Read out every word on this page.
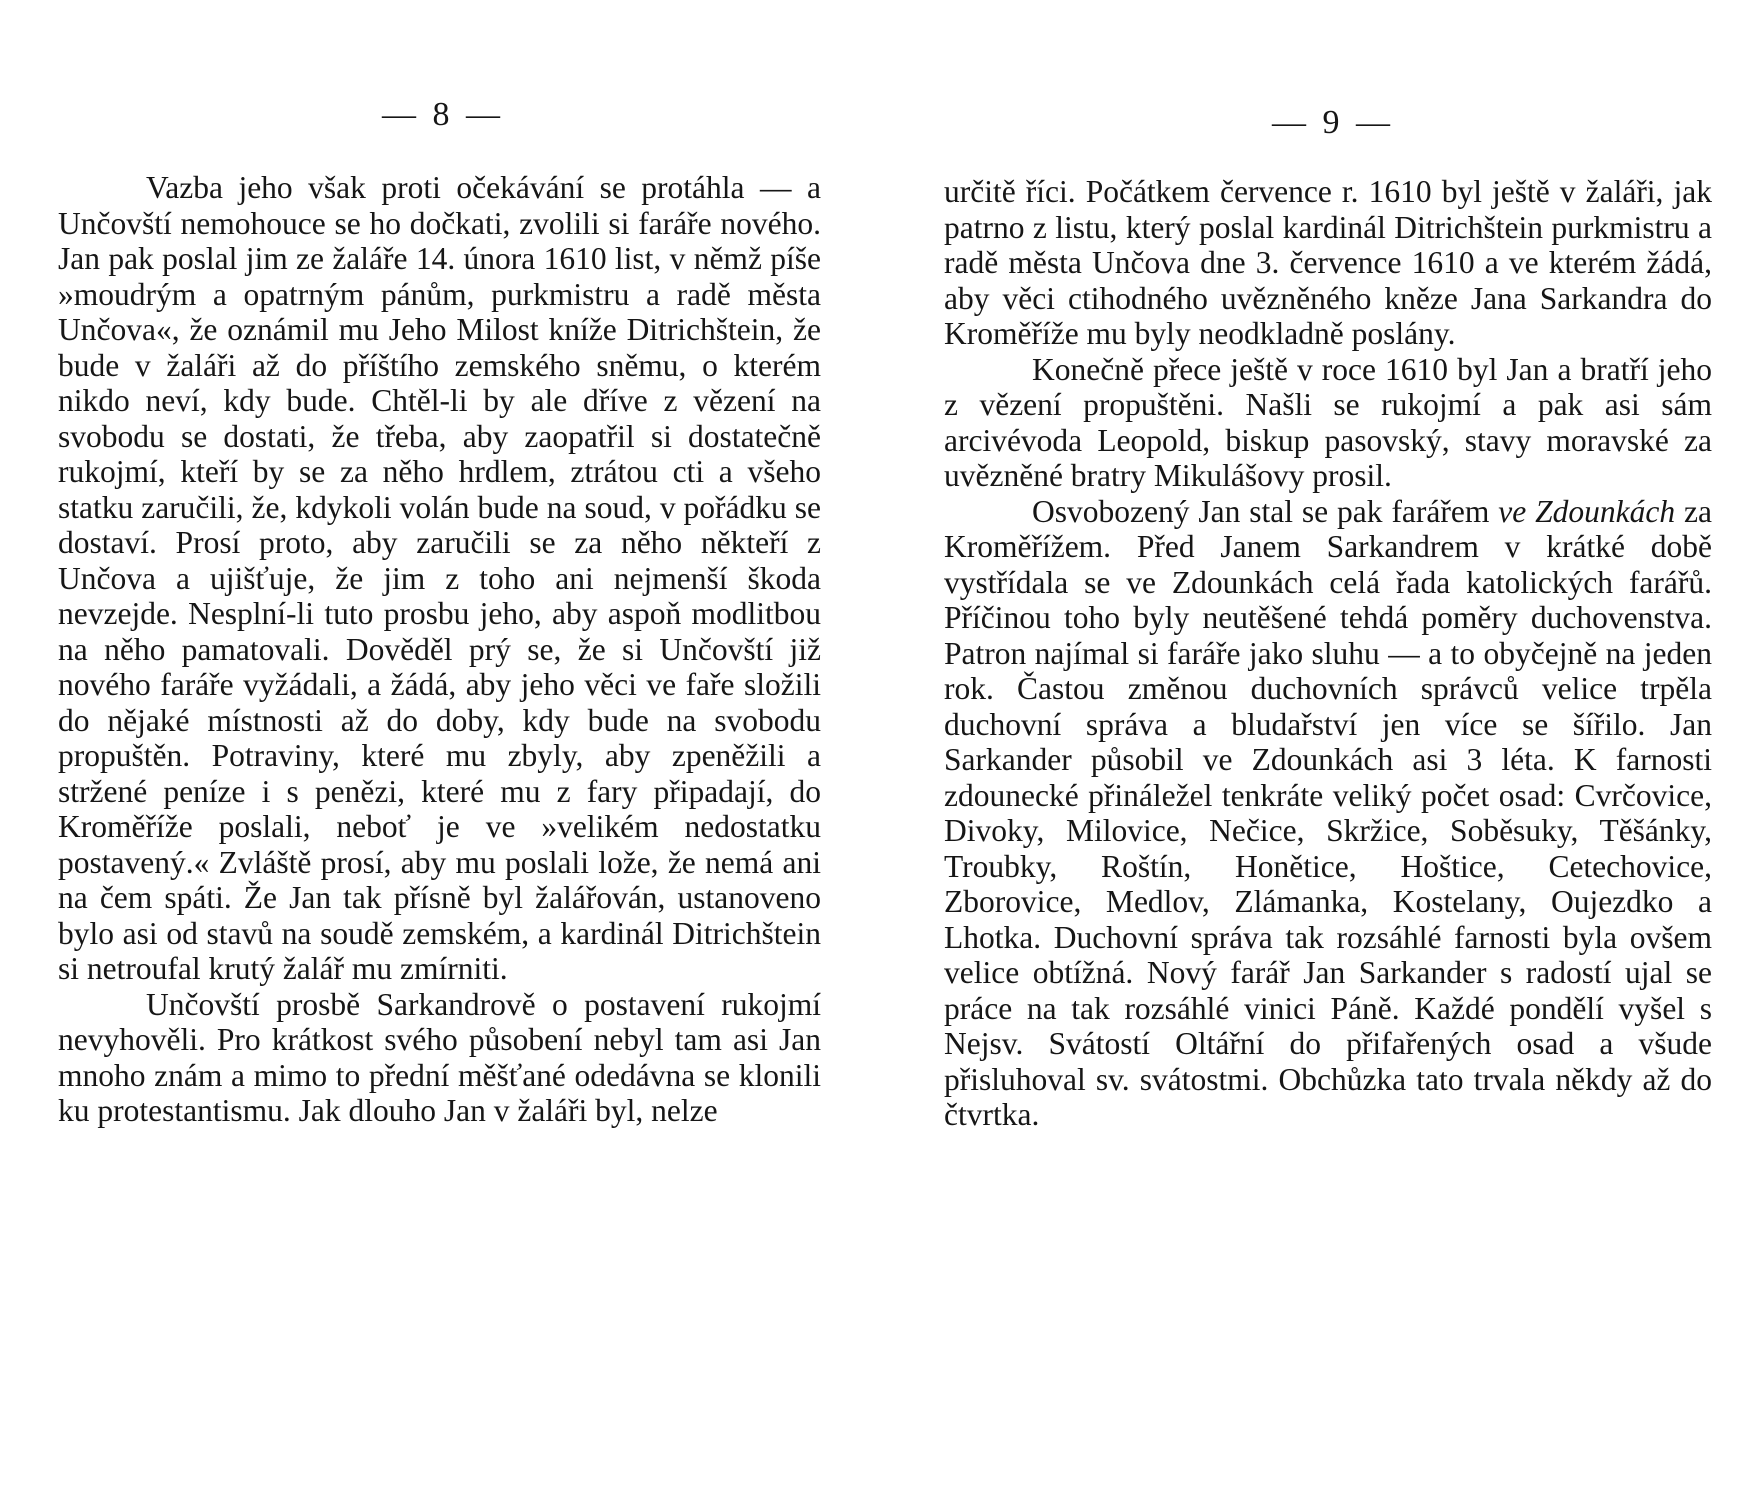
— 8 —

Vazba jeho však proti očekávání se protáhla — a Unčovští nemohouce se ho dočkati, zvolili si faráře nového. Jan pak poslal jim ze žaláře 14. února 1610 list, v němž píše »moudrým a opatrným pánům, purkmistru a radě města Unčova«, že oznámil mu Jeho Milost kníže Ditrichštein, že bude v žaláři až do příštího zemského sněmu, o kterém nikdo neví, kdy bude. Chtěl-li by ale dříve z vězení na svobodu se dostati, že třeba, aby zaopatřil si dostatečně rukojmí, kteří by se za něho hrdlem, ztrátou cti a všeho statku zaručili, že, kdykoli volán bude na soud, v pořádku se dostaví. Prosí proto, aby zaručili se za něho někteří z Unčova a ujišťuje, že jim z toho ani nejmenší škoda nevzejde. Nesplní-li tuto prosbu jeho, aby aspoň modlitbou na něho pamatovali. Dověděl prý se, že si Unčovští již nového faráře vyžádali, a žádá, aby jeho věci ve faře složili do nějaké místnosti až do doby, kdy bude na svobodu propuštěn. Potraviny, které mu zbyly, aby zpeněžili a stržené peníze i s penězi, které mu z fary připadají, do Kroměříže poslali, neboť je ve »velikém nedostatku postavený.« Zvláště prosí, aby mu poslali lože, že nemá ani na čem spáti. Že Jan tak přísně byl žalářován, ustanoveno bylo asi od stavů na soudě zemském, a kardinál Ditrichštein si netroufal krutý žalář mu zmírniti.

Unčovští prosbě Sarkandrově o postavení rukojmí nevyhověli. Pro krátkost svého působení nebyl tam asi Jan mnoho znám a mimo to přední měšťané odedávna se klonili ku protestantismu. Jak dlouho Jan v žaláři byl, nelze

— 9 —

určitě říci. Počátkem července r. 1610 byl ještě v žaláři, jak patrno z listu, který poslal kardinál Ditrichštein purkmistru a radě města Unčova dne 3. července 1610 a ve kterém žádá, aby věci ctihodného uvězněného kněze Jana Sarkandra do Kroměříže mu byly neodkladně poslány.

Konečně přece ještě v roce 1610 byl Jan a bratří jeho z vězení propuštěni. Našli se rukojmí a pak asi sám arcivévoda Leopold, biskup pasovský, stavy moravské za uvězněné bratry Mikulášovy prosil.

Osvobozený Jan stal se pak farářem ve Zdounkách za Kroměřížem. Před Janem Sarkandrem v krátké době vystřídala se ve Zdounkách celá řada katolických farářů. Příčinou toho byly neutěšené tehdá poměry duchovenstva. Patron najímal si faráře jako sluhu — a to obyčejně na jeden rok. Častou změnou duchovních správců velice trpěla duchovní správa a bludařství jen více se šířilo. Jan Sarkander působil ve Zdounkách asi 3 léta. K farnosti zdounecké přináležel tenkráte veliký počet osad: Cvrčovice, Divoky, Milovice, Nečice, Skržice, Soběsuky, Těšánky, Troubky, Roštín, Honětice, Hoštice, Cetechovice, Zborovice, Medlov, Zlámanka, Kostelany, Oujezdko a Lhotka. Duchovní správa tak rozsáhlé farnosti byla ovšem velice obtížná. Nový farář Jan Sarkander s radostí ujal se práce na tak rozsáhlé vinici Páně. Každé pondělí vyšel s Nejsv. Svátostí Oltářní do přifařených osad a všude přisluhoval sv. svátostmi. Obchůzka tato trvala někdy až do čtvrtka.
